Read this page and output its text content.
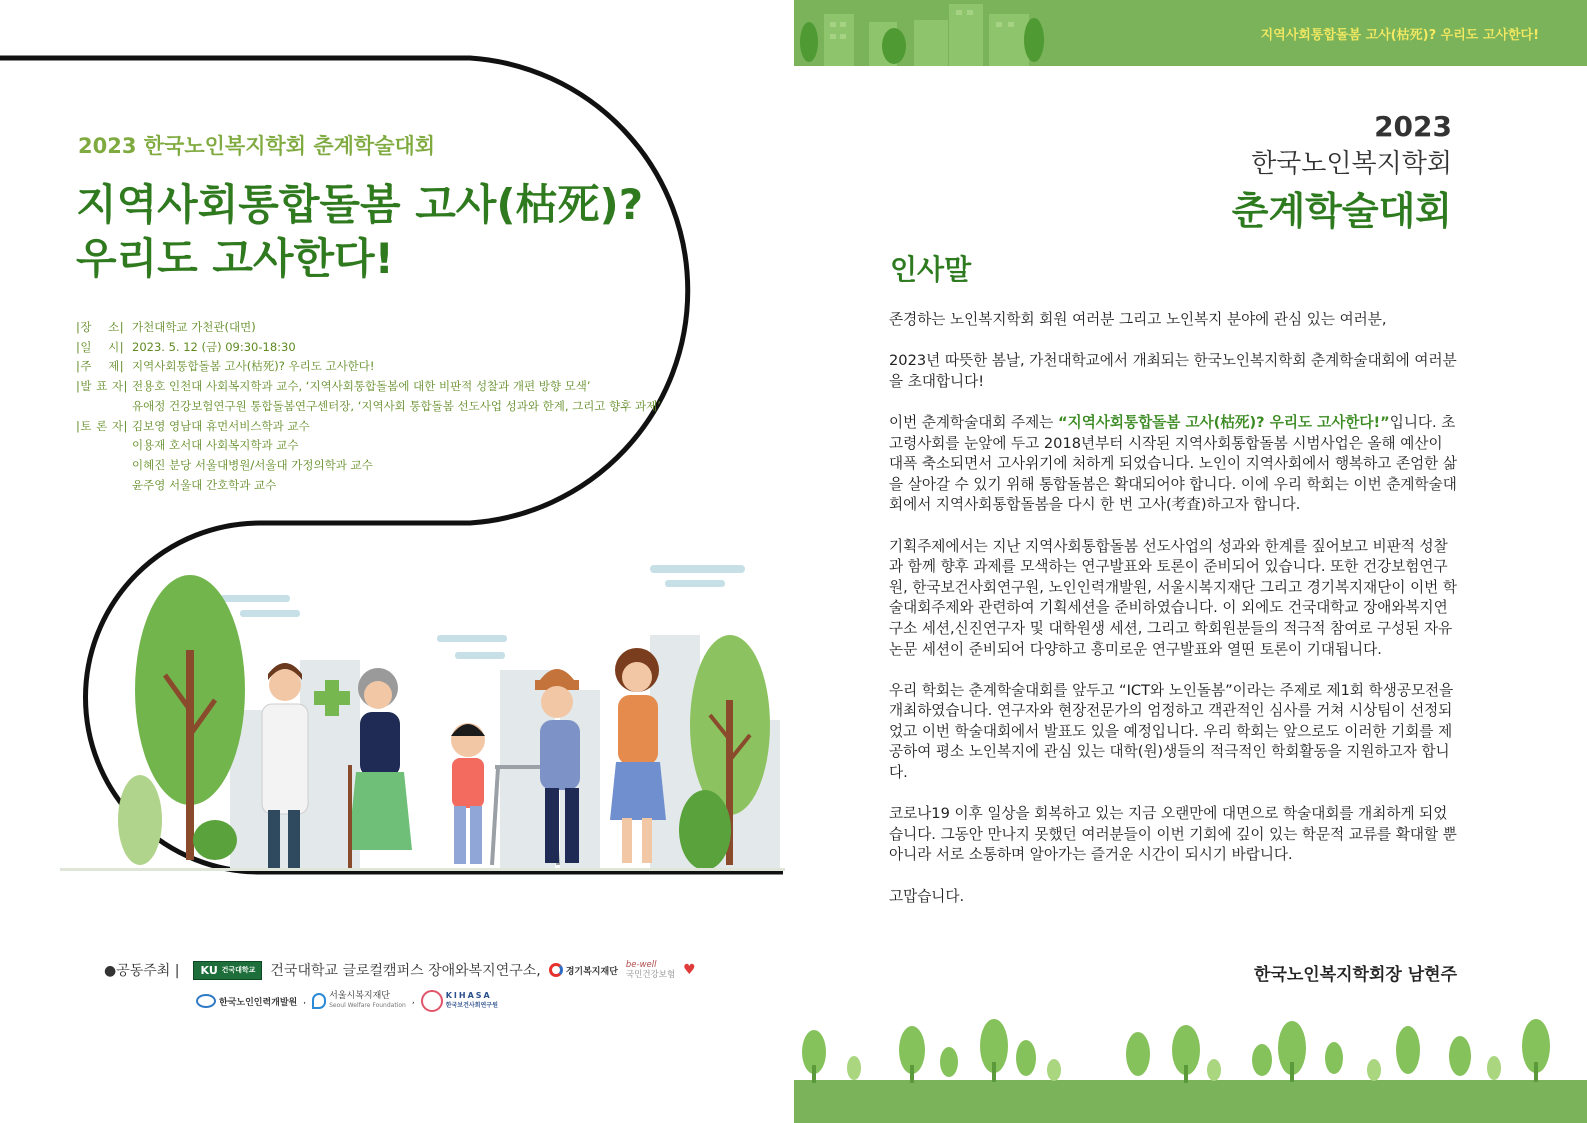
2023 한국노인복지학회 춘계학술대회
지역사회통합돌봄 고사(枯死)?
우리도 고사한다!
|장　 소| 가천대학교 가천관(대면)
|일　 시| 2023. 5. 12 (금) 09:30-18:30
|주　 제| 지역사회통합돌봄 고사(枯死)? 우리도 고사한다!
|발 표 자| 전용호 인천대 사회복지학과 교수, ‘지역사회통합돌봄에 대한 비판적 성찰과 개편 방향 모색’
유애정 건강보험연구원 통합돌봄연구센터장, ‘지역사회 통합돌봄 선도사업 성과와 한계, 그리고 향후 과제’
|토 론 자| 김보영 영남대 휴먼서비스학과 교수
이용재 호서대 사회복지학과 교수
이혜진 분당 서울대병원/서울대 가정의학과 교수
윤주영 서울대 간호학과 교수
●공동주최 | KU
건국대학교 건국대학교 글로컬캠퍼스 장애와복지연구소,	경기복지재단
be-well
국민건강보험 ♥
한국노인인력개발원 ,	서울시복지재단
Seoul Welfare Foundation ,
KIHASA
한국보건사회연구원
지역사회통합돌봄 고사(枯死)? 우리도 고사한다!
2023
한국노인복지학회
춘계학술대회
인사말

존경하는 노인복지학회 회원 여러분 그리고 노인복지 분야에 관심 있는 여러분,

2023년 따뜻한 봄날, 가천대학교에서 개최되는 한국노인복지학회 춘계학술대회에 여러분을 초대합니다!

이번 춘계학술대회 주제는 “지역사회통합돌봄 고사(枯死)? 우리도 고사한다!”입니다. 초고령사회를 눈앞에 두고 2018년부터 시작된 지역사회통합돌봄 시범사업은 올해 예산이 대폭 축소되면서 고사위기에 처하게 되었습니다. 노인이 지역사회에서 행복하고 존엄한 삶을 살아갈 수 있기 위해 통합돌봄은 확대되어야 합니다. 이에 우리 학회는 이번 춘계학술대회에서 지역사회통합돌봄을 다시 한 번 고사(考査)하고자 합니다.

기획주제에서는 지난 지역사회통합돌봄 선도사업의 성과와 한계를 짚어보고 비판적 성찰과 함께 향후 과제를 모색하는 연구발표와 토론이 준비되어 있습니다. 또한 건강보험연구원, 한국보건사회연구원, 노인인력개발원, 서울시복지재단 그리고 경기복지재단이 이번 학술대회주제와 관련하여 기획세션을 준비하였습니다. 이 외에도 건국대학교 장애와복지연구소 세션,신진연구자 및 대학원생 세션, 그리고 학회원분들의 적극적 참여로 구성된 자유논문 세션이 준비되어 다양하고 흥미로운 연구발표와 열띤 토론이 기대됩니다.

우리 학회는 춘계학술대회를 앞두고 “ICT와 노인돌봄”이라는 주제로 제1회 학생공모전을 개최하였습니다. 연구자와 현장전문가의 엄정하고 객관적인 심사를 거쳐 시상팀이 선정되었고 이번 학술대회에서 발표도 있을 예정입니다. 우리 학회는 앞으로도 이러한 기회를 제공하여 평소 노인복지에 관심 있는 대학(원)생들의 적극적인 학회활동을 지원하고자 합니다.

코로나19 이후 일상을 회복하고 있는 지금 오랜만에 대면으로 학술대회를 개최하게 되었습니다. 그동안 만나지 못했던 여러분들이 이번 기회에 깊이 있는 학문적 교류를 확대할 뿐 아니라 서로 소통하며 알아가는 즐거운 시간이 되시기 바랍니다.

고맙습니다.

한국노인복지학회장 남현주
